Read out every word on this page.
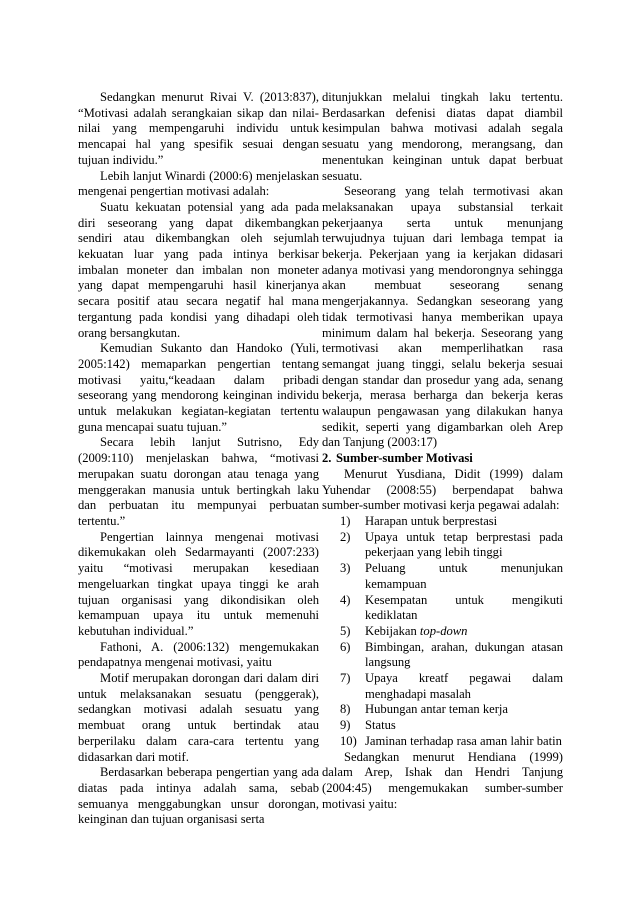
Sedangkan menurut Rivai V. (2013:837), “Motivasi adalah serangkaian sikap dan nilai-nilai yang mempengaruhi individu untuk mencapai hal yang spesifik sesuai dengan tujuan individu.”

Lebih lanjut Winardi (2000:6) menjelaskan mengenai pengertian motivasi adalah:

Suatu kekuatan potensial yang ada pada diri seseorang yang dapat dikembangkan sendiri atau dikembangkan oleh sejumlah kekuatan luar yang pada intinya berkisar imbalan moneter dan imbalan non moneter yang dapat mempengaruhi hasil kinerjanya secara positif atau secara negatif hal mana tergantung pada kondisi yang dihadapi oleh orang bersangkutan.

Kemudian Sukanto dan Handoko (Yuli, 2005:142) memaparkan pengertian tentang motivasi yaitu,“keadaan dalam pribadi seseorang yang mendorong keinginan individu untuk melakukan kegiatan-kegiatan tertentu guna mencapai suatu tujuan.”

Secara lebih lanjut Sutrisno, Edy (2009:110) menjelaskan bahwa, “motivasi merupakan suatu dorongan atau tenaga yang menggerakan manusia untuk bertingkah laku dan perbuatan itu mempunyai perbuatan tertentu.”

Pengertian lainnya mengenai motivasi dikemukakan oleh Sedarmayanti (2007:233) yaitu “motivasi merupakan kesediaan mengeluarkan tingkat upaya tinggi ke arah tujuan organisasi yang dikondisikan oleh kemampuan upaya itu untuk memenuhi kebutuhan individual.”

Fathoni, A. (2006:132) mengemukakan pendapatnya mengenai motivasi, yaitu

Motif merupakan dorongan dari dalam diri untuk melaksanakan sesuatu (penggerak), sedangkan motivasi adalah sesuatu yang membuat orang untuk bertindak atau berperilaku dalam cara-cara tertentu yang didasarkan dari motif.

Berdasarkan beberapa pengertian yang ada diatas pada intinya adalah sama, sebab semuanya menggabungkan unsur dorongan, keinginan dan tujuan organisasi serta

ditunjukkan melalui tingkah laku tertentu. Berdasarkan defenisi diatas dapat diambil kesimpulan bahwa motivasi adalah segala sesuatu yang mendorong, merangsang, dan menentukan keinginan untuk dapat berbuat sesuatu.

Seseorang yang telah termotivasi akan melaksanakan upaya substansial terkait pekerjaanya serta untuk menunjang terwujudnya tujuan dari lembaga tempat ia bekerja. Pekerjaan yang ia kerjakan didasari adanya motivasi yang mendorongnya sehingga akan membuat seseorang senang mengerjakannya. Sedangkan seseorang yang tidak termotivasi hanya memberikan upaya minimum dalam hal bekerja. Seseorang yang termotivasi akan memperlihatkan rasa semangat juang tinggi, selalu bekerja sesuai dengan standar dan prosedur yang ada, senang bekerja, merasa berharga dan bekerja keras walaupun pengawasan yang dilakukan hanya sedikit, seperti yang digambarkan oleh Arep dan Tanjung (2003:17)

2. Sumber-sumber Motivasi

Menurut Yusdiana, Didit (1999) dalam Yuhendar (2008:55) berpendapat bahwa sumber-sumber motivasi kerja pegawai adalah:

1)	Harapan untuk berprestasi
2)	Upaya untuk tetap berprestasi pada pekerjaan yang lebih tinggi
3)	Peluang untuk menunjukan kemampuan
4)	Kesempatan untuk mengikuti kediklatan
5)	Kebijakan top-down
6)	Bimbingan, arahan, dukungan atasan langsung
7)	Upaya kreatf pegawai dalam menghadapi masalah
8)	Hubungan antar teman kerja
9)	Status
10) Jaminan terhadap rasa aman lahir batin

Sedangkan menurut Hendiana (1999) dalam Arep, Ishak dan Hendri Tanjung (2004:45) mengemukakan sumber-sumber motivasi yaitu:
